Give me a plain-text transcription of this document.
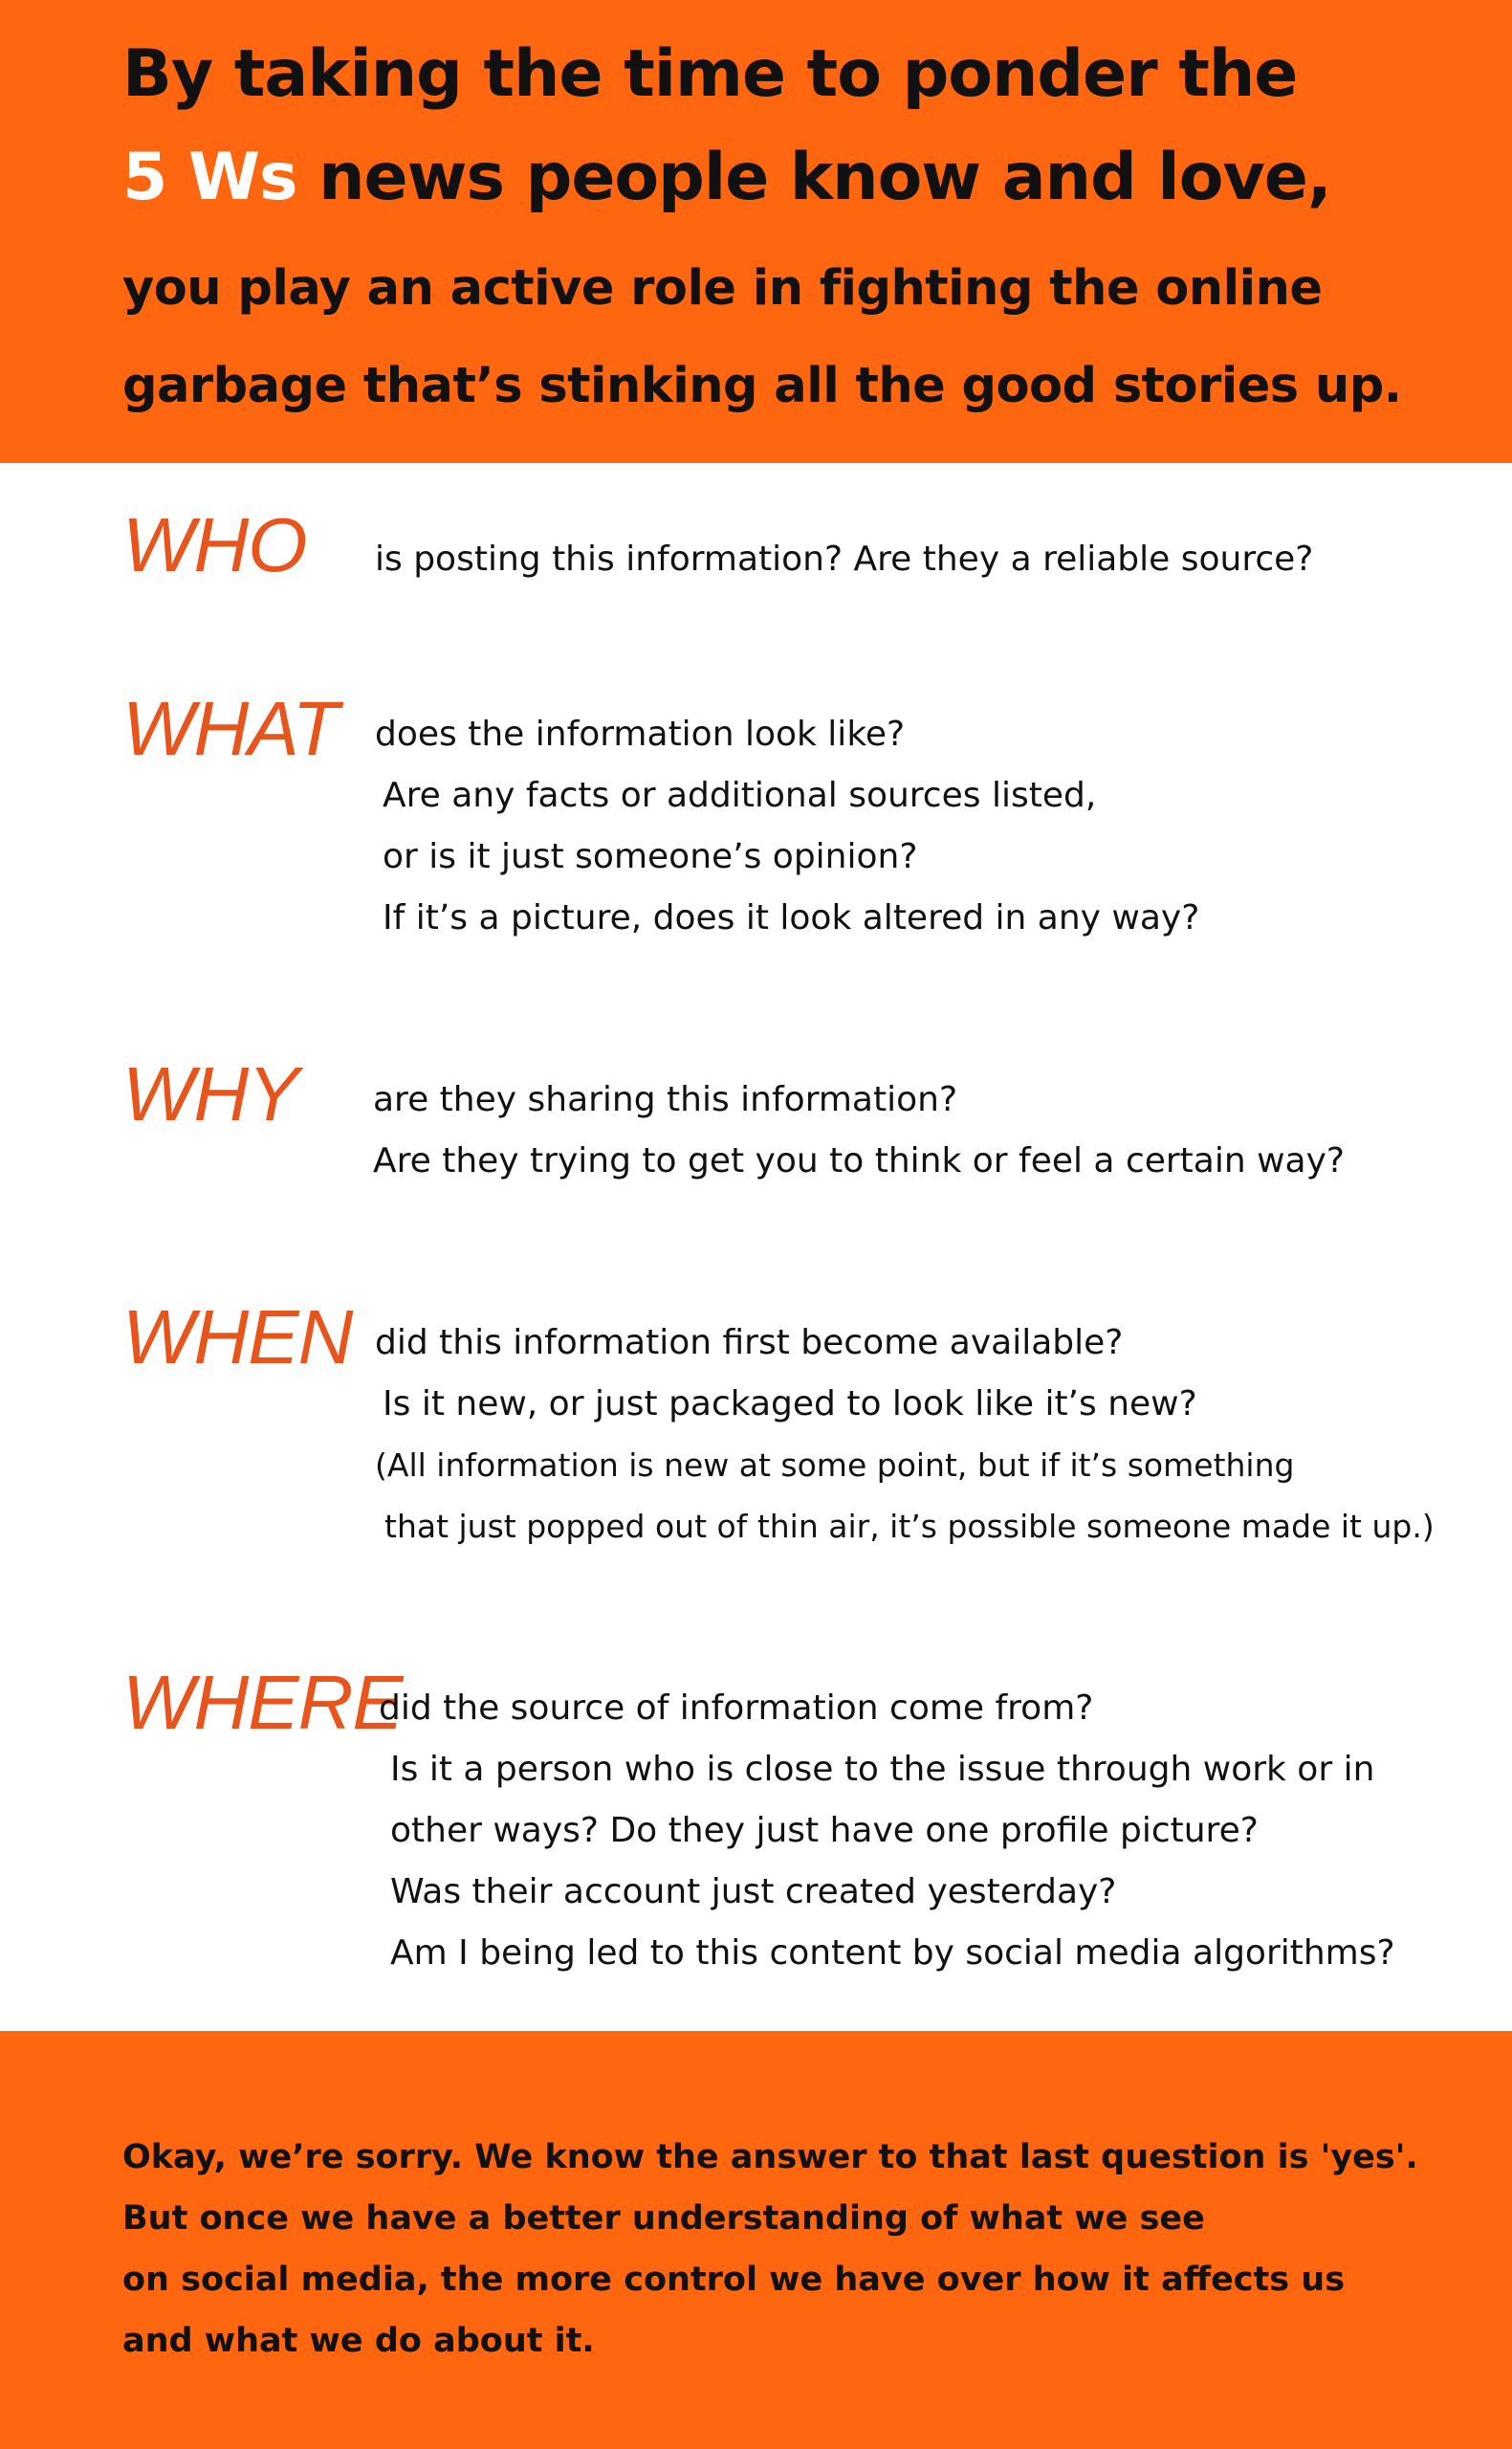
By taking the time to ponder the
5 Ws news people know and love,
you play an active role in fighting the online
garbage that’s stinking all the good stories up.
WHO is posting this information? Are they a reliable source?
WHAT does the information look like?
Are any facts or additional sources listed,
or is it just someone’s opinion?
If it’s a picture, does it look altered in any way?
WHY are they sharing this information?
Are they trying to get you to think or feel a certain way?
WHEN did this information first become available?
Is it new, or just packaged to look like it’s new?
(All information is new at some point, but if it’s something
that just popped out of thin air, it’s possible someone made it up.)
WHERE
did the source of information come from?
Is it a person who is close to the issue through work or in
other ways? Do they just have one profile picture?
Was their account just created yesterday?
Am I being led to this content by social media algorithms?
Okay, we’re sorry. We know the answer to that last question is 'yes'.
But once we have a better understanding of what we see
on social media, the more control we have over how it affects us
and what we do about it.
